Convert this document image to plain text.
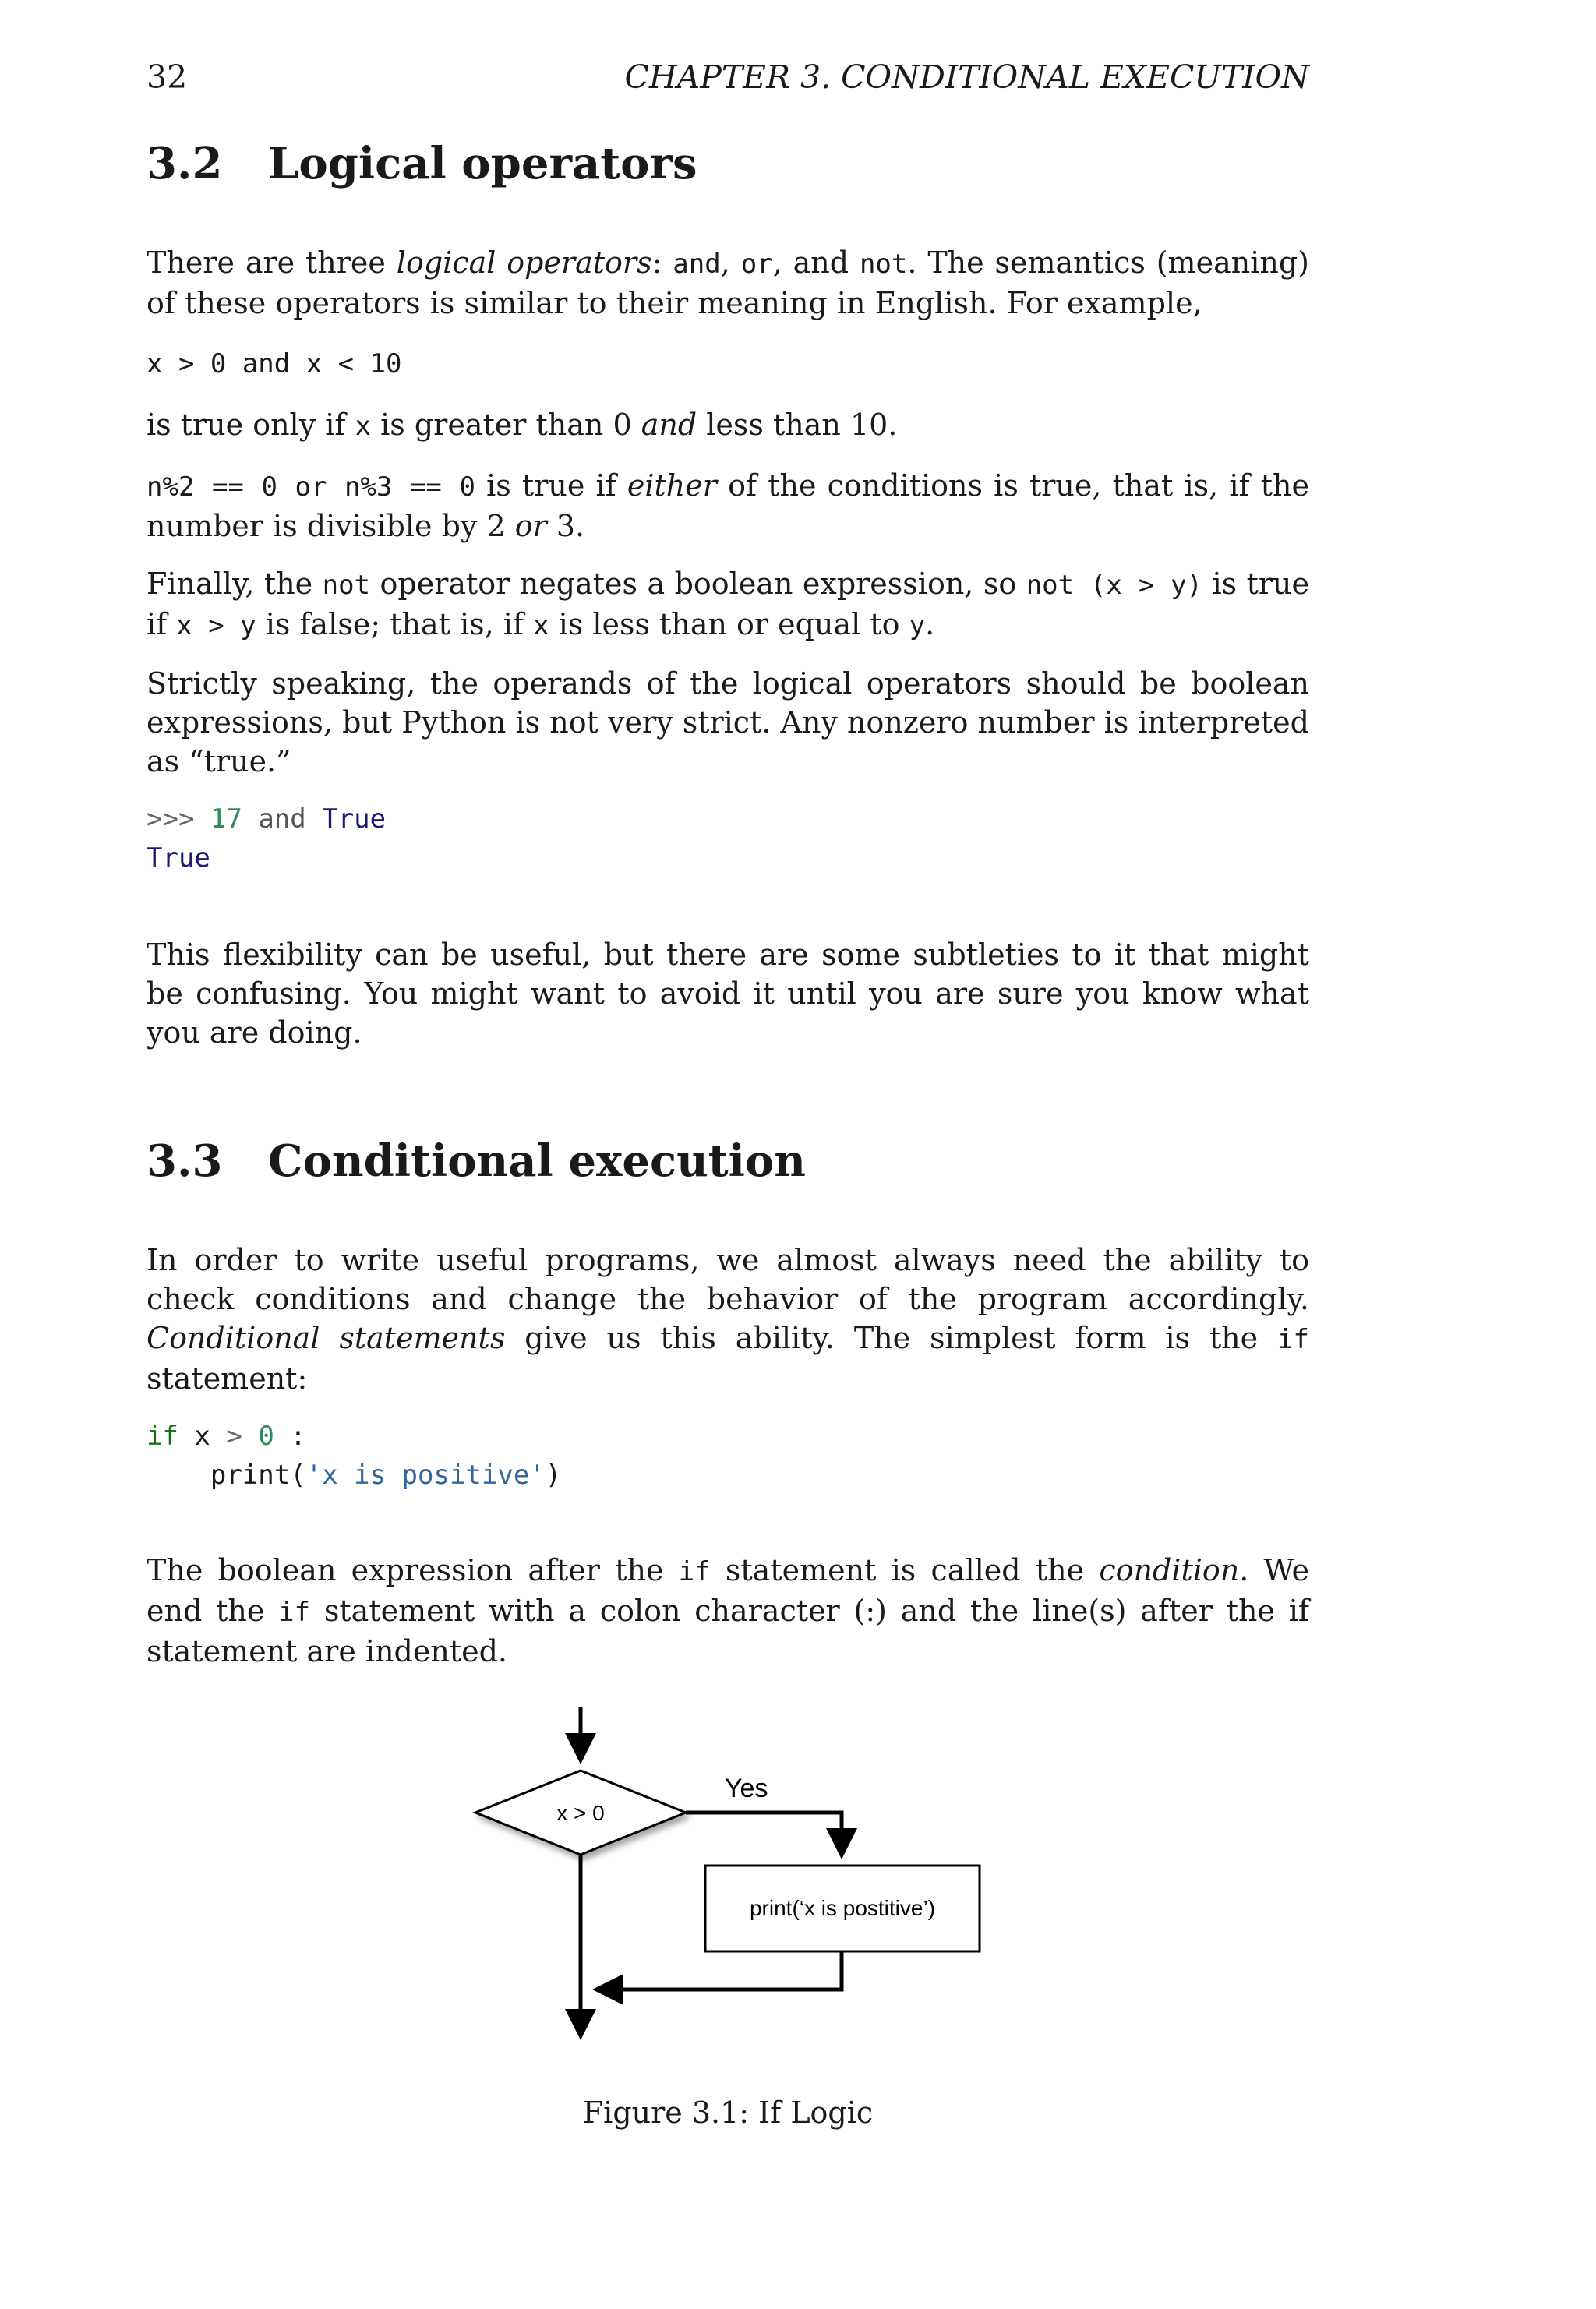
32	CHAPTER 3. CONDITIONAL EXECUTION
3.2 Logical operators

There are three logical operators: and, or, and not. The semantics (meaning) of these operators is similar to their meaning in English. For example,

x > 0 and x < 10

is true only if x is greater than 0 and less than 10.

n%2 == 0 or n%3 == 0 is true if either of the conditions is true, that is, if the number is divisible by 2 or 3.

Finally, the not operator negates a boolean expression, so not (x > y) is true if x > y is false; that is, if x is less than or equal to y.

Strictly speaking, the operands of the logical operators should be boolean expressions, but Python is not very strict. Any nonzero number is interpreted as “true.”

>>> 17 and True
True

This flexibility can be useful, but there are some subtleties to it that might be confusing. You might want to avoid it until you are sure you know what you are doing.

3.3 Conditional execution

In order to write useful programs, we almost always need the ability to check conditions and change the behavior of the program accordingly. Conditional statements give us this ability. The simplest form is the if statement:

if x > 0 :
print('x is positive')

The boolean expression after the if statement is called the condition. We end the if statement with a colon character (:) and the line(s) after the if statement are indented.

x > 0
Yes
print(‘x is postitive’)
Figure 3.1: If Logic
